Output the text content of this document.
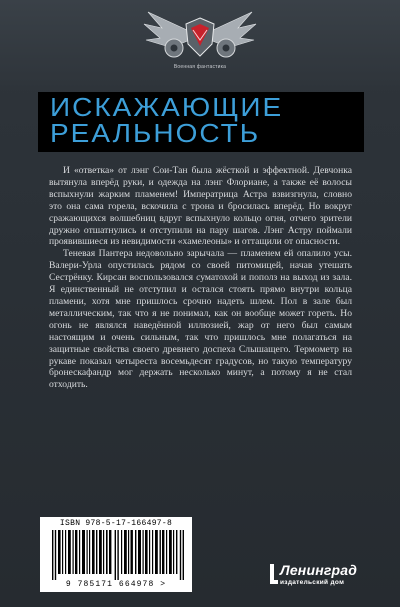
Военная фантастика
ИСКАЖАЮЩИЕ
РЕАЛЬНОСТЬ

И «ответка» от лэнг Сои-Тан была жёсткой и эффектной. Девчонка вытянула вперёд руки, и одежда на лэнг Флориане, а также её волосы вспыхнули жарким пламенем! Императрица Астра взвизгнула, словно это она сама горела, вскочила с трона и бросилась вперёд. Но вокруг сражающихся волшебниц вдруг вспыхнуло кольцо огня, отчего зрители дружно отшатнулись и отступили на пару шагов. Лэнг Астру поймали проявившиеся из невидимости «хамелеоны» и оттащили от опасности.

Теневая Пантера недовольно зарычала — пламенем ей опалило усы. Валери-Урла опустилась рядом со своей питомицей, начав утешать Сестрёнку. Кирсан воспользовался суматохой и пополз на выход из зала. Я единственный не отступил и остался стоять прямо внутри кольца пламени, хотя мне пришлось срочно надеть шлем. Пол в зале был металлическим, так что я не понимал, как он вообще может гореть. Но огонь не являлся наведённой иллюзией, жар от него был самым настоящим и очень сильным, так что пришлось мне полагаться на защитные свойства своего древнего доспеха Слышащего. Термометр на рукаве показал четыреста восемьдесят градусов, но такую температуру бронескафандр мог держать несколько минут, а потому я не стал отходить.

ISBN 978-5-17-166497-8
9 785171 664978 >
Ленинград
издательский дом
